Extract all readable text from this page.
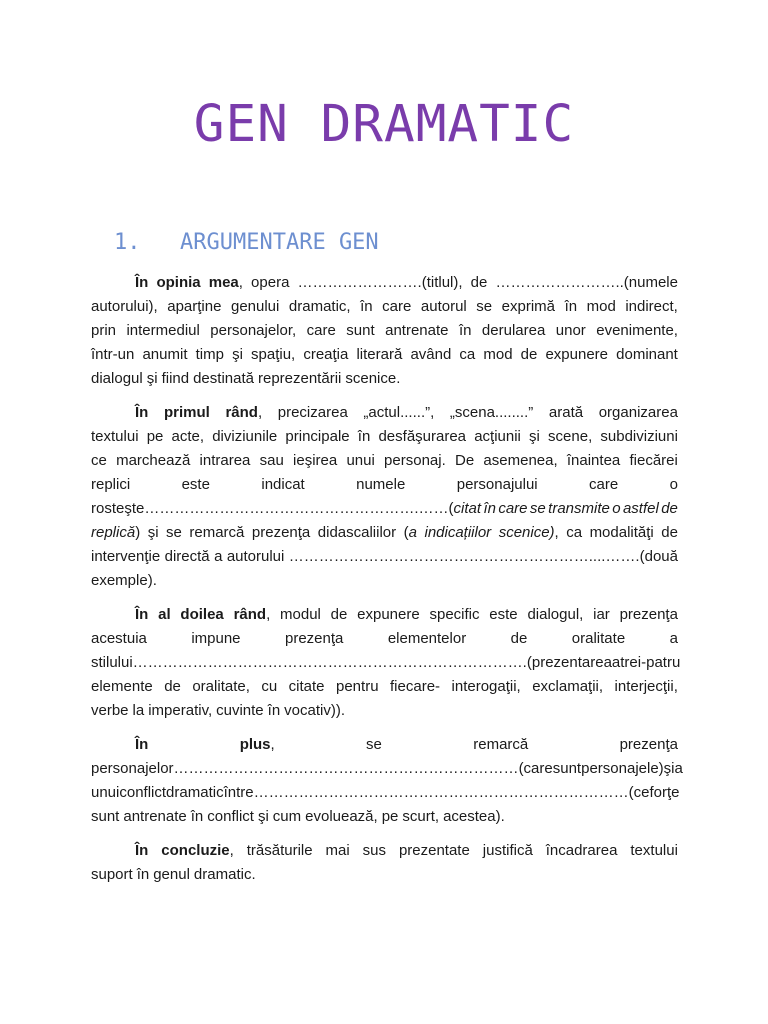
GEN DRAMATIC
1. ARGUMENTARE GEN
În opinia mea, opera …………………….(titlul), de ……………………..(numele
autorului), aparţine genului dramatic, în care autorul se exprimă în mod indirect,
prin intermediul personajelor, care sunt antrenate în derularea unor evenimente,
într-un anumit timp şi spaţiu, creaţia literară având ca mod de expunere dominant
dialogul şi fiind destinată reprezentării scenice.
În primul rând, precizarea „actul......”, „scena........” arată organizarea
textului pe acte, diviziunile principale în desfăşurarea acţiunii şi scene, subdiviziuni
ce marchează intrarea sau ieşirea unui personaj. De asemenea, înaintea fiecărei
replici	este	indicat	numele	personajului	care	o
rosteşte……………………………………………….……(citat în care se transmite o astfel de
replică) şi se remarcă prezenţa didascaliilor (a indicațiilor scenice), ca modalităţi de
intervenţie directă a autorului ……………………………………………………....…….(două
exemple).
În al doilea rând, modul de expunere specific este dialogul, iar prezenţa
acestuia	impune	prezenţa	elementelor	de	oralitate	a
stilului……………………………………………………………………. (prezentarea a trei-patru
elemente de oralitate, cu citate pentru fiecare- interogaţii, exclamaţii, interjecţii,
verbe la imperativ, cuvinte în vocativ)).
În	plus,	se	remarcă	prezenţa
personajelor…………………………………………………………… (care sunt personajele) şi a
unui conflict dramatic între…………………………………………………………………(ce forţe
sunt antrenate în conflict şi cum evoluează, pe scurt, acestea).
În concluzie, trăsăturile mai sus prezentate justifică încadrarea textului
suport în genul dramatic.
